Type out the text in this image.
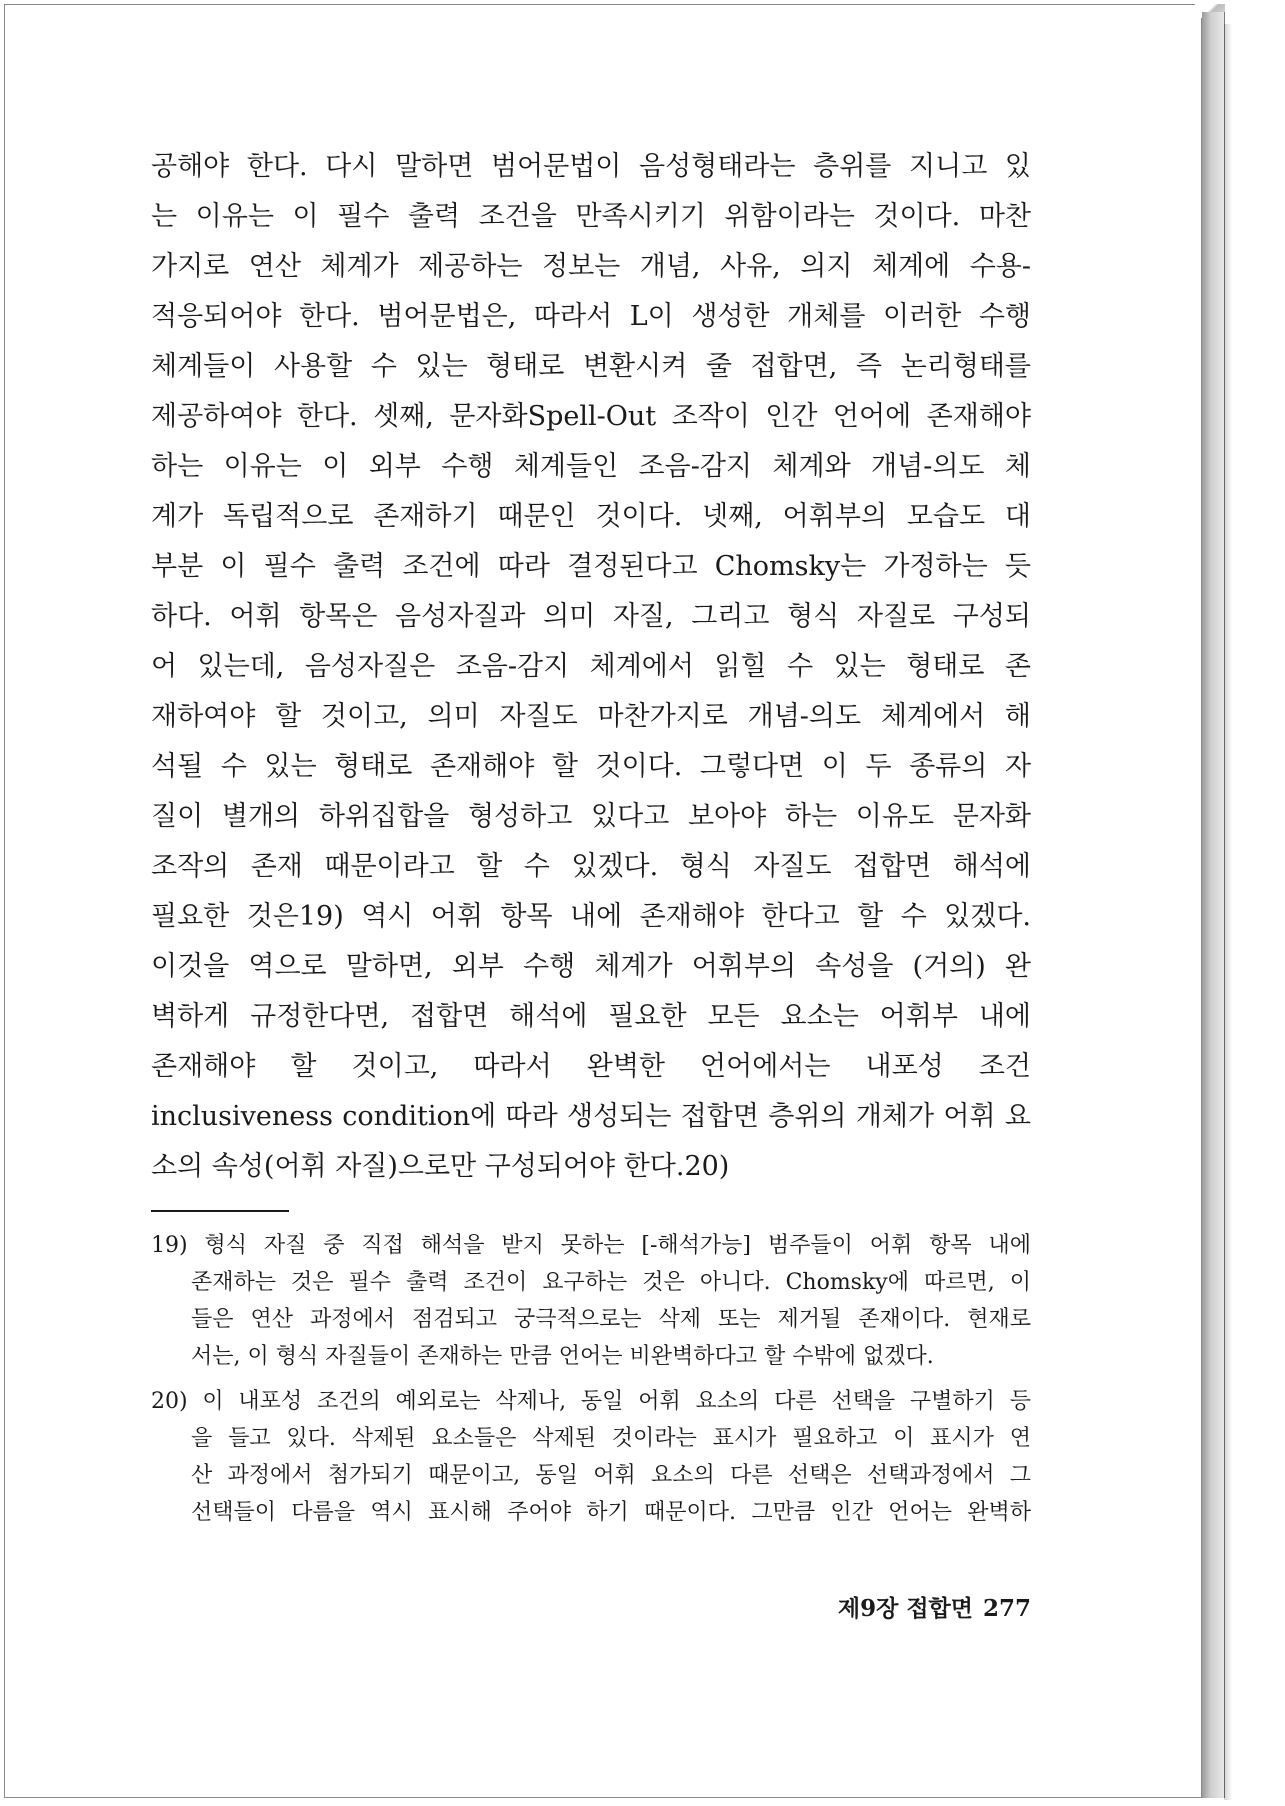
공해야 한다. 다시 말하면 범어문법이 음성형태라는 층위를 지니고 있
는 이유는 이 필수 출력 조건을 만족시키기 위함이라는 것이다. 마찬
가지로 연산 체계가 제공하는 정보는 개념, 사유, 의지 체계에 수용-
적응되어야 한다. 범어문법은, 따라서 L이 생성한 개체를 이러한 수행
체계들이 사용할 수 있는 형태로 변환시켜 줄 접합면, 즉 논리형태를
제공하여야 한다. 셋째, 문자화Spell-Out 조작이 인간 언어에 존재해야
하는 이유는 이 외부 수행 체계들인 조음-감지 체계와 개념-의도 체
계가 독립적으로 존재하기 때문인 것이다. 넷째, 어휘부의 모습도 대
부분 이 필수 출력 조건에 따라 결정된다고 Chomsky는 가정하는 듯
하다. 어휘 항목은 음성자질과 의미 자질, 그리고 형식 자질로 구성되
어 있는데, 음성자질은 조음-감지 체계에서 읽힐 수 있는 형태로 존
재하여야 할 것이고, 의미 자질도 마찬가지로 개념-의도 체계에서 해
석될 수 있는 형태로 존재해야 할 것이다. 그렇다면 이 두 종류의 자
질이 별개의 하위집합을 형성하고 있다고 보아야 하는 이유도 문자화
조작의 존재 때문이라고 할 수 있겠다. 형식 자질도 접합면 해석에
필요한 것은19) 역시 어휘 항목 내에 존재해야 한다고 할 수 있겠다.
이것을 역으로 말하면, 외부 수행 체계가 어휘부의 속성을 (거의) 완
벽하게 규정한다면, 접합면 해석에 필요한 모든 요소는 어휘부 내에
존재해야 할 것이고, 따라서 완벽한 언어에서는 내포성 조건
inclusiveness condition에 따라 생성되는 접합면 층위의 개체가 어휘 요
소의 속성(어휘 자질)으로만 구성되어야 한다.20)
19) 형식 자질 중 직접 해석을 받지 못하는 [-해석가능] 범주들이 어휘 항목 내에
존재하는 것은 필수 출력 조건이 요구하는 것은 아니다. Chomsky에 따르면, 이
들은 연산 과정에서 점검되고 궁극적으로는 삭제 또는 제거될 존재이다. 현재로
서는, 이 형식 자질들이 존재하는 만큼 언어는 비완벽하다고 할 수밖에 없겠다.
20) 이 내포성 조건의 예외로는 삭제나, 동일 어휘 요소의 다른 선택을 구별하기 등
을 들고 있다. 삭제된 요소들은 삭제된 것이라는 표시가 필요하고 이 표시가 연
산 과정에서 첨가되기 때문이고, 동일 어휘 요소의 다른 선택은 선택과정에서 그
선택들이 다름을 역시 표시해 주어야 하기 때문이다. 그만큼 인간 언어는 완벽하
제9장 접합면 277
